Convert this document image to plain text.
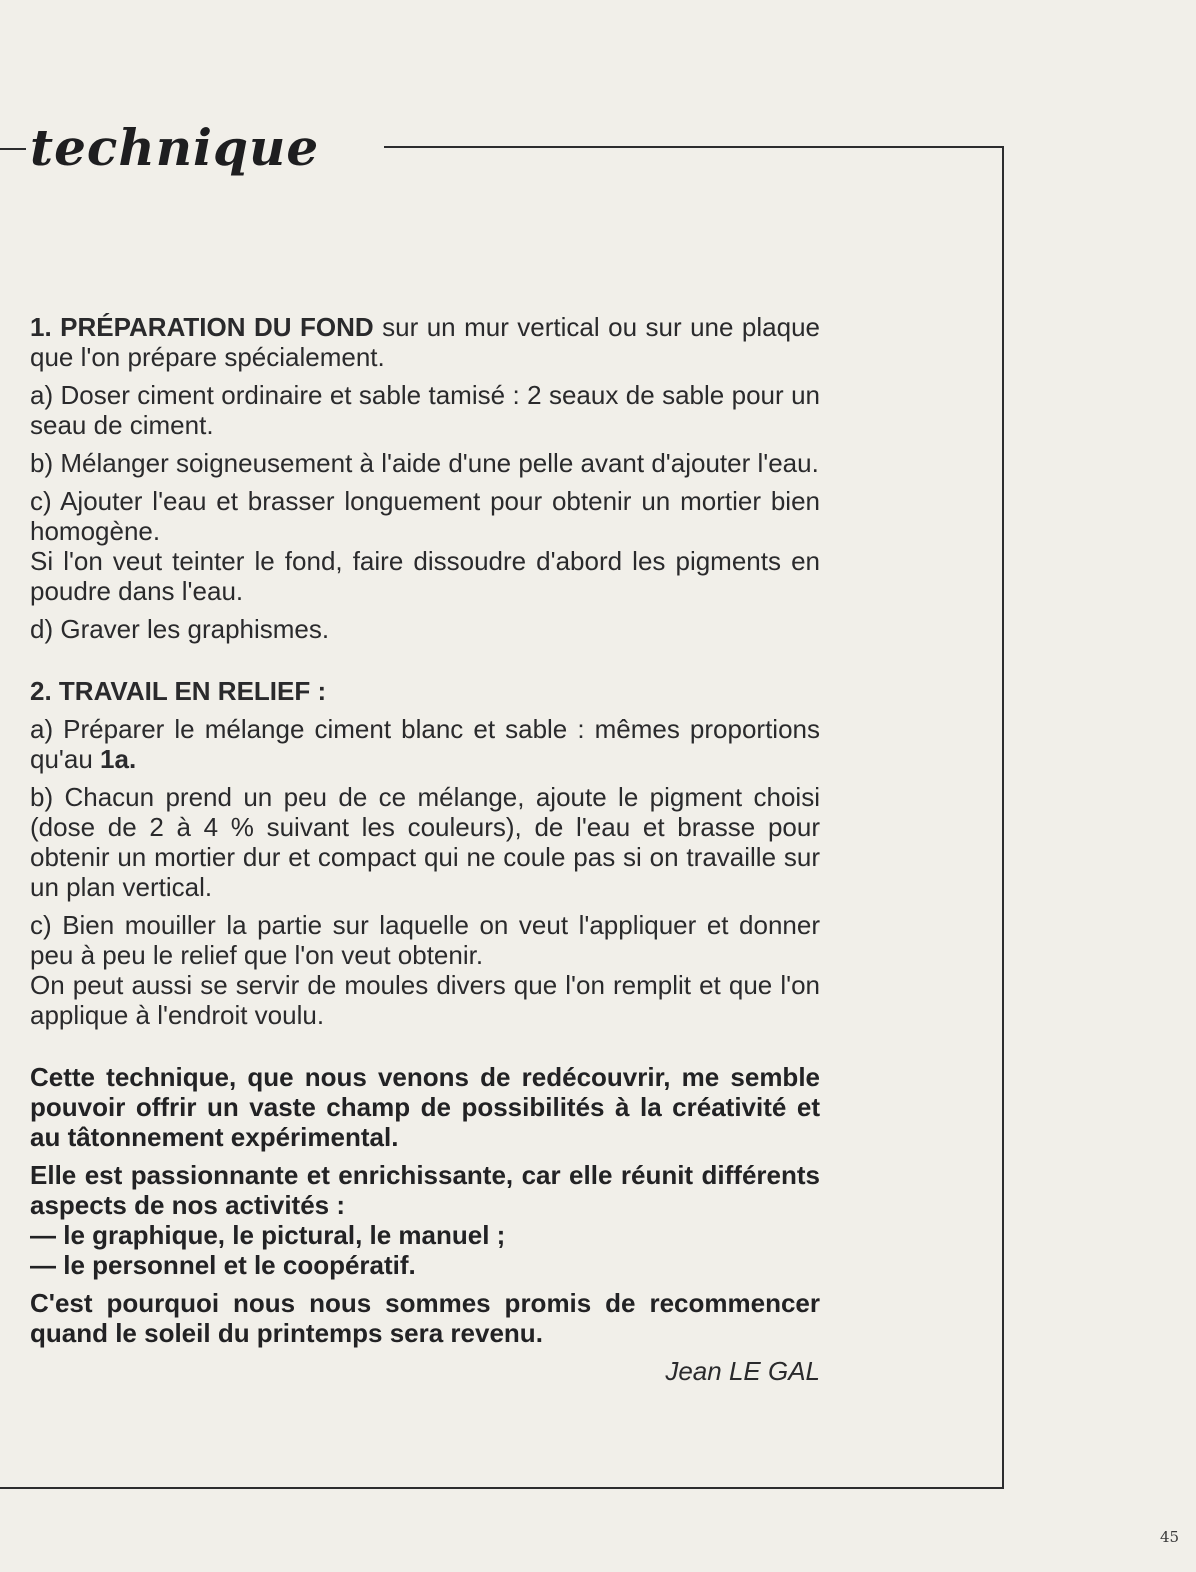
technique

1. PRÉPARATION DU FOND sur un mur vertical ou sur une plaque que l'on prépare spécialement.

a) Doser ciment ordinaire et sable tamisé : 2 seaux de sable pour un seau de ciment.

b) Mélanger soigneusement à l'aide d'une pelle avant d'ajouter l'eau.

c) Ajouter l'eau et brasser longuement pour obtenir un mortier bien homogène.

Si l'on veut teinter le fond, faire dissoudre d'abord les pigments en poudre dans l'eau.

d) Graver les graphismes.

2. TRAVAIL EN RELIEF :

a) Préparer le mélange ciment blanc et sable : mêmes proportions qu'au 1a.

b) Chacun prend un peu de ce mélange, ajoute le pigment choisi (dose de 2 à 4 % suivant les couleurs), de l'eau et brasse pour obtenir un mortier dur et compact qui ne coule pas si on travaille sur un plan vertical.

c) Bien mouiller la partie sur laquelle on veut l'appliquer et donner peu à peu le relief que l'on veut obtenir.

On peut aussi se servir de moules divers que l'on remplit et que l'on applique à l'endroit voulu.

Cette technique, que nous venons de redécouvrir, me semble pouvoir offrir un vaste champ de possibilités à la créativité et au tâtonnement expérimental.

Elle est passionnante et enrichissante, car elle réunit différents aspects de nos activités :

— le graphique, le pictural, le manuel ;

— le personnel et le coopératif.

C'est pourquoi nous nous sommes promis de recommencer quand le soleil du printemps sera revenu.

Jean LE GAL
45
